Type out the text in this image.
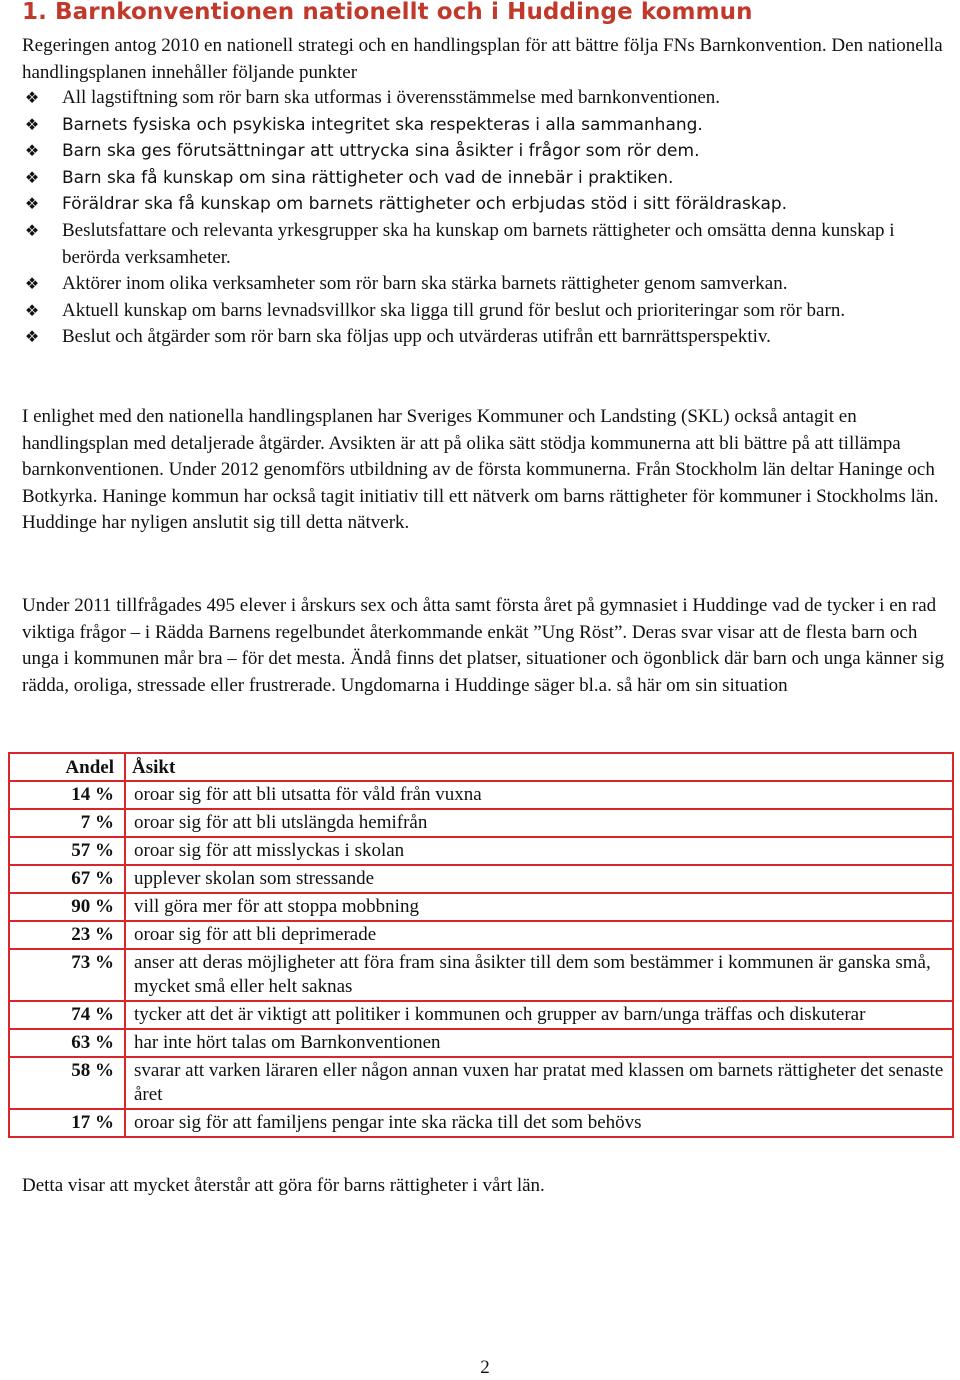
1. Barnkonventionen nationellt och i Huddinge kommun

Regeringen antog 2010 en nationell strategi och en handlingsplan för att bättre följa FNs Barnkonvention. Den nationella handlingsplanen innehåller följande punkter

❖ All lagstiftning som rör barn ska utformas i överensstämmelse med barnkonventionen.
❖ Barnets fysiska och psykiska integritet ska respekteras i alla sammanhang.
❖ Barn ska ges förutsättningar att uttrycka sina åsikter i frågor som rör dem.
❖ Barn ska få kunskap om sina rättigheter och vad de innebär i praktiken.
❖ Föräldrar ska få kunskap om barnets rättigheter och erbjudas stöd i sitt föräldraskap.
❖ Beslutsfattare och relevanta yrkesgrupper ska ha kunskap om barnets rättigheter och omsätta denna kunskap i berörda verksamheter.
❖ Aktörer inom olika verksamheter som rör barn ska stärka barnets rättigheter genom samverkan.
❖ Aktuell kunskap om barns levnadsvillkor ska ligga till grund för beslut och prioriteringar som rör barn.
❖ Beslut och åtgärder som rör barn ska följas upp och utvärderas utifrån ett barnrättsperspektiv.

I enlighet med den nationella handlingsplanen har Sveriges Kommuner och Landsting (SKL) också antagit en handlingsplan med detaljerade åtgärder. Avsikten är att på olika sätt stödja kommunerna att bli bättre på att tillämpa barnkonventionen. Under 2012 genomförs utbildning av de första kommunerna. Från Stockholm län deltar Haninge och Botkyrka. Haninge kommun har också tagit initiativ till ett nätverk om barns rättigheter för kommuner i Stockholms län. Huddinge har nyligen anslutit sig till detta nätverk.

Under 2011 tillfrågades 495 elever i årskurs sex och åtta samt första året på gymnasiet i Huddinge vad de tycker i en rad viktiga frågor – i Rädda Barnens regelbundet återkommande enkät ”Ung Röst”. Deras svar visar att de flesta barn och unga i kommunen mår bra – för det mesta. Ändå finns det platser, situationer och ögonblick där barn och unga känner sig rädda, oroliga, stressade eller frustrerade. Ungdomarna i Huddinge säger bl.a. så här om sin situation

Andel	Åsikt
14 %	oroar sig för att bli utsatta för våld från vuxna
7 %	oroar sig för att bli utslängda hemifrån
57 %	oroar sig för att misslyckas i skolan
67 %	upplever skolan som stressande
90 %	vill göra mer för att stoppa mobbning
23 %	oroar sig för att bli deprimerade
73 %	anser att deras möjligheter att föra fram sina åsikter till dem som bestämmer i kommunen är ganska små, mycket små eller helt saknas
74 %	tycker att det är viktigt att politiker i kommunen och grupper av barn/unga träffas och diskuterar
63 %	har inte hört talas om Barnkonventionen
58 %	svarar att varken läraren eller någon annan vuxen har pratat med klassen om barnets rättigheter det senaste året
17 %	oroar sig för att familjens pengar inte ska räcka till det som behövs

Detta visar att mycket återstår att göra för barns rättigheter i vårt län.

2
